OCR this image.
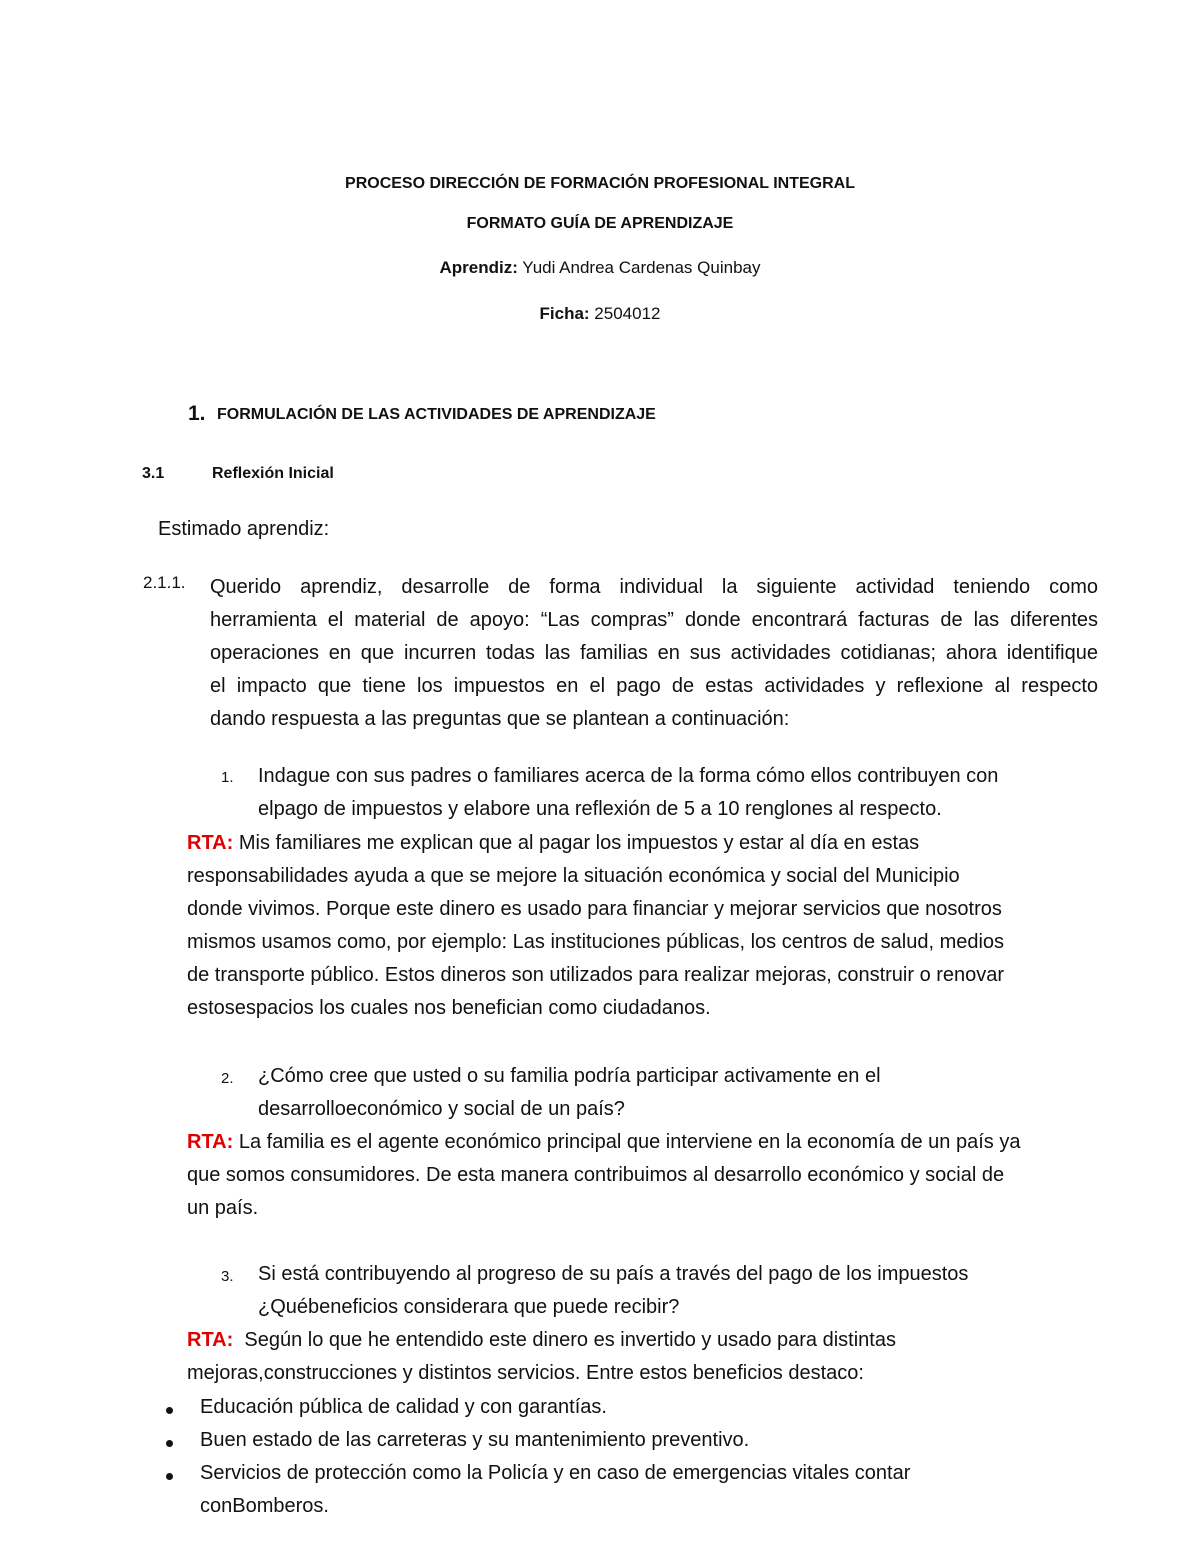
PROCESO DIRECCIÓN DE FORMACIÓN PROFESIONAL INTEGRAL
FORMATO GUÍA DE APRENDIZAJE
Aprendiz: Yudi Andrea Cardenas Quinbay
Ficha: 2504012
1. FORMULACIÓN DE LAS ACTIVIDADES DE APRENDIZAJE
3.1	Reflexión Inicial
Estimado aprendiz:
2.1.1. Querido aprendiz, desarrolle de forma individual la siguiente actividad teniendo como
herramienta el material de apoyo: “Las compras” donde encontrará facturas de las diferentes
operaciones en que incurren todas las familias en sus actividades cotidianas; ahora identifique
el impacto que tiene los impuestos en el pago de estas actividades y reflexione al respecto
dando respuesta a las preguntas que se plantean a continuación:
1. Indague con sus padres o familiares acerca de la forma cómo ellos contribuyen con
elpago de impuestos y elabore una reflexión de 5 a 10 renglones al respecto.
RTA: Mis familiares me explican que al pagar los impuestos y estar al día en estas
responsabilidades ayuda a que se mejore la situación económica y social del Municipio
donde vivimos. Porque este dinero es usado para financiar y mejorar servicios que nosotros
mismos usamos como, por ejemplo: Las instituciones públicas, los centros de salud, medios
de transporte público. Estos dineros son utilizados para realizar mejoras, construir o renovar
estosespacios los cuales nos benefician como ciudadanos.
2. ¿Cómo cree que usted o su familia podría participar activamente en el
desarrolloeconómico y social de un país?
RTA: La familia es el agente económico principal que interviene en la economía de un país ya
que somos consumidores. De esta manera contribuimos al desarrollo económico y social de
un país.
3. Si está contribuyendo al progreso de su país a través del pago de los impuestos
¿Québeneficios considerara que puede recibir?
RTA:  Según lo que he entendido este dinero es invertido y usado para distintas
mejoras,construcciones y distintos servicios. Entre estos beneficios destaco:
Educación pública de calidad y con garantías.
Buen estado de las carreteras y su mantenimiento preventivo.
Servicios de protección como la Policía y en caso de emergencias vitales contar
conBomberos.
